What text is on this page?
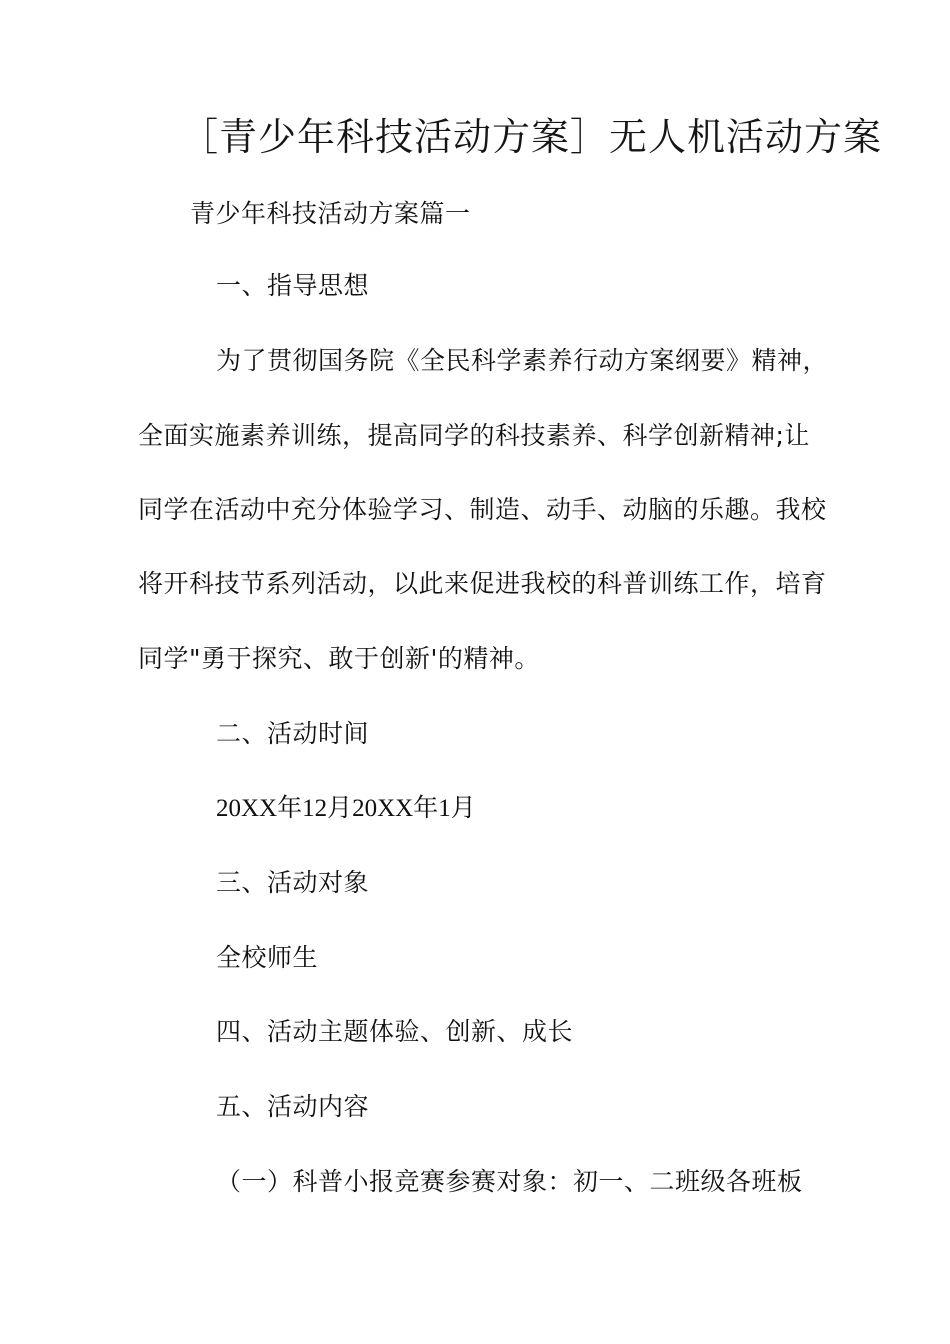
［青少年科技活动方案］无人机活动方案
青少年科技活动方案篇一
一、指导思想
为了贯彻国务院《全民科学素养行动方案纲要》精神，
全面实施素养训练，提高同学的科技素养、科学创新精神;让
同学在活动中充分体验学习、制造、动手、动脑的乐趣。我校
将开科技节系列活动，以此来促进我校的科普训练工作，培育
同学"勇于探究、敢于创新'的精神。
二、活动时间
20XX年12月20XX年1月
三、活动对象
全校师生
四、活动主题体验、创新、成长
五、活动内容
（一）科普小报竞赛参赛对象：初一、二班级各班板
